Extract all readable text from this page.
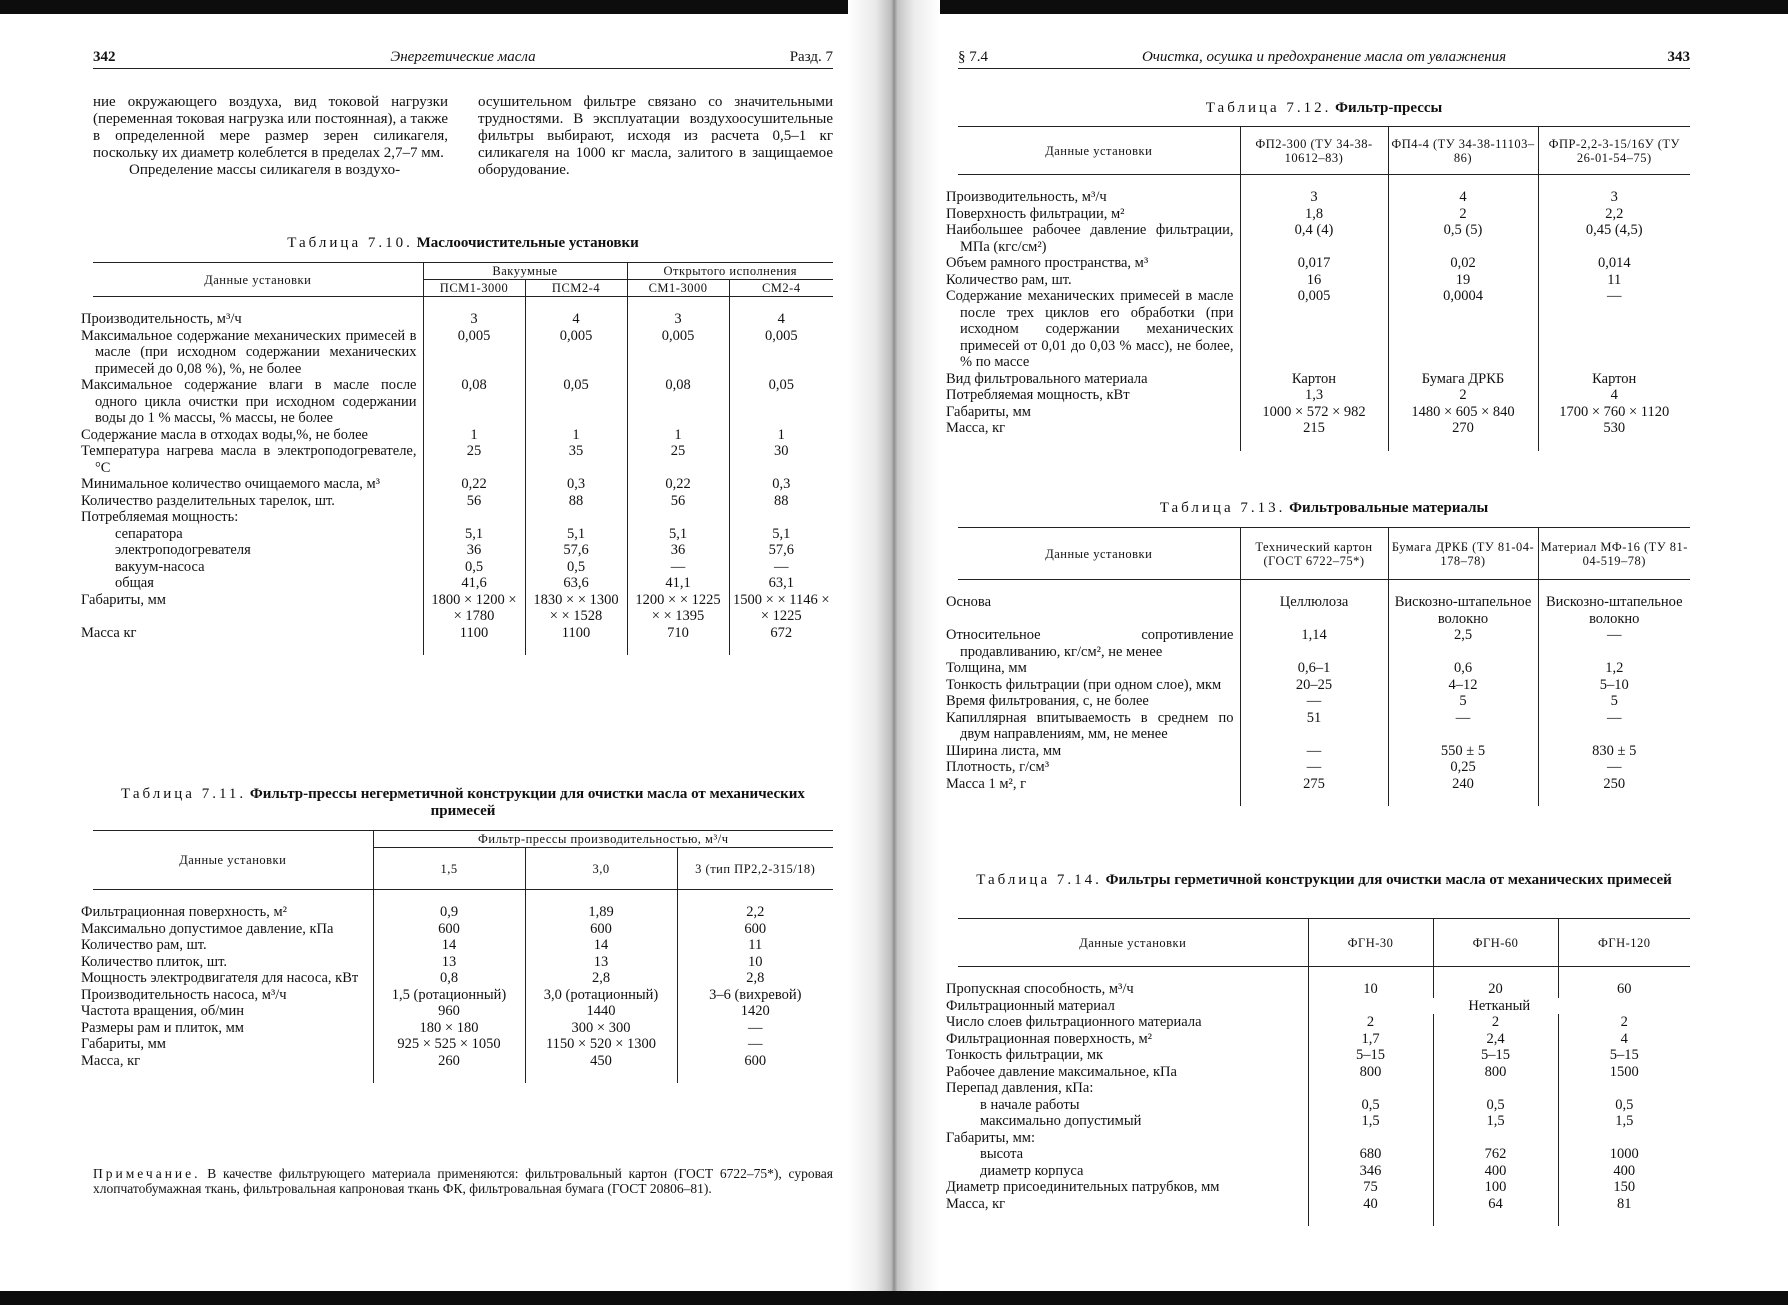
342	Энергетические масла	Разд. 7

ние окружающего воздуха, вид токовой нагрузки (переменная токовая нагрузка или постоянная), а также в определенной мере размер зерен силикагеля, поскольку их диаметр колеблется в пределах 2,7–7 мм.

Определение массы силикагеля в воздухо-

осушительном фильтре связано со значительными трудностями. В эксплуатации воздухоосушительные фильтры выбирают, исходя из расчета 0,5–1 кг силикагеля на 1000 кг масла, залитого в защищаемое оборудование.

Таблица 7.10. Маслоочистительные установки
Данные установки	Вакуумные		Открытого исполнения	
	ПСМ1-3000	ПСМ2-4	СМ1-3000	СМ2-4
Производительность, м³/ч	3	4	3	4
Максимальное содержание механических примесей в масле (при исходном содержании механических примесей до 0,08 %), %, не более	0,005	0,005	0,005	0,005
Максимальное содержание влаги в масле после одного цикла очистки при исходном содержании воды до 1 % массы, % массы, не более	0,08	0,05	0,08	0,05
Содержание масла в отходах воды,%, не более	1	1	1	1
Температура нагрева масла в электроподогревателе, °С	25	35	25	30
Минимальное количество очищаемого масла, м³	0,22	0,3	0,22	0,3
Количество разделительных тарелок, шт.	56	88	56	88
Потребляемая мощность:				
сепаратора	5,1	5,1	5,1	5,1
электроподогревателя	36	57,6	36	57,6
вакуум-насоса	0,5	0,5	—	—
общая	41,6	63,6	41,1	63,1
Габариты, мм	1800 × 1200 × × 1780	1830 × × 1300 × × 1528	1200 × × 1225 × × 1395	1500 × × 1146 × × 1225
Масса кг	1100	1100	710	672
Таблица 7.11. Фильтр-прессы негерметичной конструкции для очистки масла от механических примесей
Данные установки	Фильтр-прессы производительностью, м³/ч		
	1,5	3,0	3 (тип ПР2,2-315/18)
Фильтрационная поверхность, м²	0,9	1,89	2,2
Максимально допустимое давление, кПа	600	600	600
Количество рам, шт.	14	14	11
Количество плиток, шт.	13	13	10
Мощность электродвигателя для насоса, кВт	0,8	2,8	2,8
Производительность насоса, м³/ч	1,5 (ротационный)	3,0 (ротационный)	3–6 (вихревой)
Частота вращения, об/мин	960	1440	1420
Размеры рам и плиток, мм	180 × 180	300 × 300	—
Габариты, мм	925 × 525 × 1050	1150 × 520 × 1300	—
Масса, кг	260	450	600
Примечание. В качестве фильтрующего материала применяются: фильтровальный картон (ГОСТ 6722–75*), суровая хлопчатобумажная ткань, фильтровальная капроновая ткань ФК, фильтровальная бумага (ГОСТ 20806–81).
§ 7.4	Очистка, осушка и предохранение масла от увлажнения	343
Таблица 7.12. Фильтр-прессы
Данные установки	ФП2-300 (ТУ 34-38-10612–83)	ФП4-4 (ТУ 34-38-11103–86)	ФПР-2,2-3-15/16У (ТУ 26-01-54–75)
Производительность, м³/ч	3	4	3
Поверхность фильтрации, м²	1,8	2	2,2
Наибольшее рабочее давление фильтрации, МПа (кгс/см²)	0,4 (4)	0,5 (5)	0,45 (4,5)
Объем рамного пространства, м³	0,017	0,02	0,014
Количество рам, шт.	16	19	11
Содержание механических примесей в масле после трех циклов его обработки (при исходном содержании механических примесей от 0,01 до 0,03 % масс), не более, % по массе	0,005	0,0004	—
Вид фильтровального материала	Картон	Бумага ДРКБ	Картон
Потребляемая мощность, кВт	1,3	2	4
Габариты, мм	1000 × 572 × 982	1480 × 605 × 840	1700 × 760 × 1120
Масса, кг	215	270	530
Таблица 7.13. Фильтровальные материалы
Данные установки	Технический картон (ГОСТ 6722–75*)	Бумага ДРКБ (ТУ 81-04-178–78)	Материал МФ-16 (ТУ 81-04-519–78)
Основа	Целлюлоза	Вискозно-штапельное волокно	Вискозно-штапельное волокно
Относительное сопротивление продавливанию, кг/см², не менее	1,14	2,5	—
Толщина, мм	0,6–1	0,6	1,2
Тонкость фильтрации (при одном слое), мкм	20–25	4–12	5–10
Время фильтрования, с, не более	—	5	5
Капиллярная впитываемость в среднем по двум направлениям, мм, не менее	51	—	—
Ширина листа, мм	—	550 ± 5	830 ± 5
Плотность, г/см³	—	0,25	—
Масса 1 м², г	275	240	250
Таблица 7.14. Фильтры герметичной конструкции для очистки масла от механических примесей
Данные установки	ФГН-30	ФГН-60	ФГН-120
Пропускная способность, м³/ч	10	20	60
Фильтрационный материал	Нетканый		
Число слоев фильтрационного материала	2	2	2
Фильтрационная поверхность, м²	1,7	2,4	4
Тонкость фильтрации, мк	5–15	5–15	5–15
Рабочее давление максимальное, кПа	800	800	1500
Перепад давления, кПа:			
в начале работы	0,5	0,5	0,5
максимально допустимый	1,5	1,5	1,5
Габариты, мм:			
высота	680	762	1000
диаметр корпуса	346	400	400
Диаметр присоединительных патрубков, мм	75	100	150
Масса, кг	40	64	81
